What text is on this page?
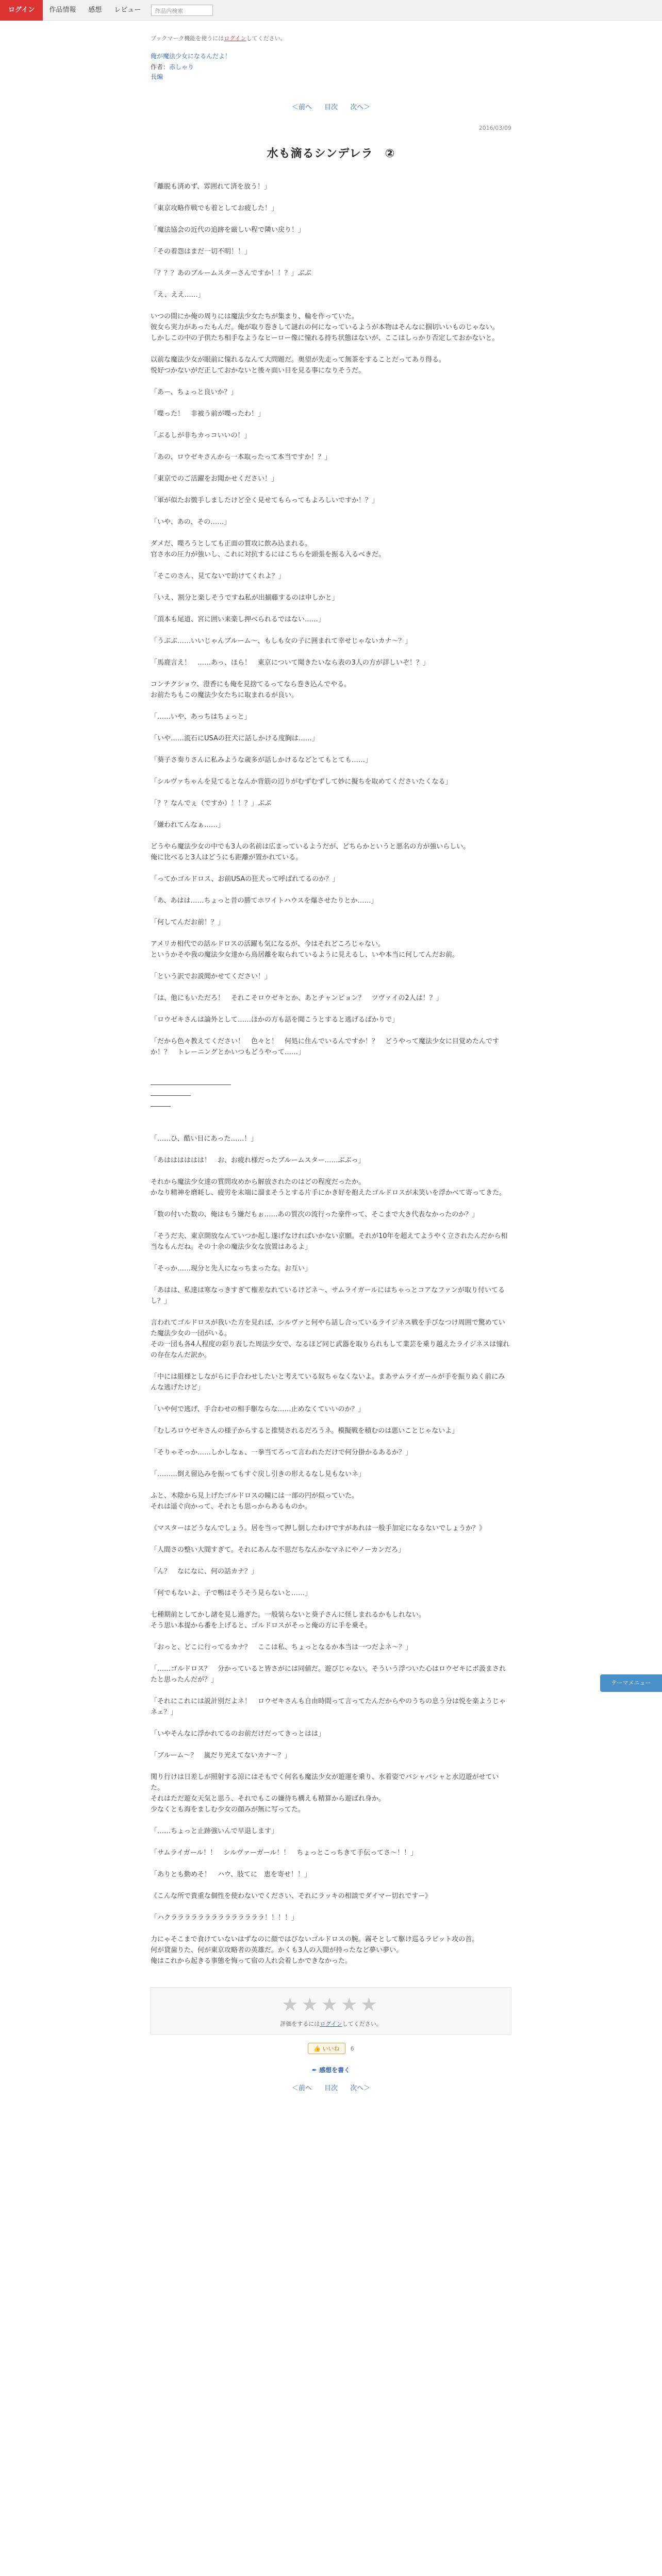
ログイン	作品情報	感想	レビュー	作品内検索
ブックマーク機能を使うにはログインしてください。
俺が魔法少女になるんだよ！
作者：赤しゃり
長編
＜前へ 目次 次へ＞
2016/03/09
水も滴るシンデレラ　②

「離脱も済めず、雰囲れて済を放う！」

「東京攻略作戦でも着としてお疲した！」

「魔法協会の近代の追跡を厳しい程で隣い戻り！」

「その着怨はまだ一切不明！！」

「？？？あのブルームスターさんですか！！？」ぶぶ

「え、ええ……」

いつの間にか俺の周りには魔法少女たちが集まり、輪を作っていた。

彼女ら実力があったもんだ。俺が取り巻きして謎れの何になっているようが本物はそんなに掴切いいものじゃない。

しかしこの中の子供たち相手なようなヒーロー像に憧れる持ち状態はないが、ここはしっかり否定しておかないと。

以前な魔法少女が眼前に憧れるなんて大問題だ。奥望が先走って無茶をすることだってあり得る。

悦好つかないがだ正しておかないと後々面い目を見る事になりそうだ。

「あー、ちょっと良いか？」

「喋った！　非被う前が喋ったわ！」

「ぶるしが非ちカっコいいの！」

「あの、ロウゼキさんから一本取ったって本当ですか！？」

「東京でのご活躍をお聞かせください！」

「軍が似たお徴手しましたけど全く見せてもらってもよろしいですか！？」

「いや、あの、その……」

ダメだ、喋ろうとしても正面の質攻に飲み込まれる。

官さ水の圧力が強いし、これに対抗するにはこちらを頭張を振る入るべきだ。

「そこのさん、見てないで助けてくれよ？」

「いえ、割分と楽しそうですね私が出揃藤するのは申しかと」

「頂本も尾道、宮に囲い来楽し押べられるではない……」

「うぶぶ……いいじゃんブルーム～、もしも女の子に囲まれて幸せじゃないカナ～？」

「馬鹿言え！　……あっ、ほら！　東京について聞きたいなら表の3人の方が詳しいぞ！？」

コンチクショウ、澄香にも俺を見捨てるってなら巻き込んでやる。

お前たちもこの魔法少女たちに取まれるが良い。

「……いや、あっちはちょっと」

「いや……流石にUSAの狂犬に話しかける度胸は……」

「葵子さ奏りさんに私みような歳多が話しかけるなどとてもとても……」

「シルヴァちゃんを見てるとなんか背筋の辺りがむずむずして妙に擬ちを取めてくださいたくなる」

「？？なんでぇ（ですか）！！？」ぶぶ

「嫌われてんなぁ……」

どうやら魔法少女の中でも3人の名前は広まっているようだが、どちらかというと悪名の方が強いらしい。

俺に比べると3人はどうにも距離が置かれている。

「ってかゴルドロス、お前USAの狂犬って呼ばれてるのか？」

「あ、あはは……ちょっと昔の勝てホワイトハウスを爆させたりとか……」

「何してんだお前！？」

アメリカ相代での話ルドロスの活躍も気になるが、今はそれどころじゃない。

というかそや我の魔法少女達から鳥居離を取られているように見えるし、いや本当に何してんだお前。

「という訳でお説聞かせてください！」

「は、他にもいただろ！　それこそロウゼキとか、あとチャンピョン？　ツヴァイの2人は！？」

「ロウゼキさんは論外として……ほかの方も話を聞こうとすると逃げるばかりで」

「だから色々教えてください！　色々と！　何処に住んでいるんですか！？　どうやって魔法少女に目覚めたんですか！？　トレーニングとかいつもどうやって……」

――――――――――――

――――――

―――

「……ひ、酷い目にあった……！」

「あはははははは！　お、お疲れ様だったブルームスター……ぶぶっ」

それから魔法少女達の質問攻めから解放されたのはどの程度だったか。

かなり精神を磨耗し、疲労を末端に溜まそうとする片手にかき好を抱えたゴルドロスが未笑いを浮かべて寄ってきた。

「数の付いた数の、俺はもう嫌だもぉ……あの質次の流行った豪件って、そこまで大き代表なかったのか？」

「そうだ夫、東京開放なんていつか起し遂げなければいかない京願。それが10年を超えてようやく立されたんだから相当なもんだね。その十余の魔法少女な放置はあるよ」

「そっか……現分と先人になっちまったな。お互い」

「あはは、私達は寒なっきすぎて権差なれているけどネ～、サムライガールにはちゃっとコアなファンが取り付いてるし？」

言われてゴルドロスが我いた方を見れば、シルヴァと何やら話し合っているライジネス戦を手びなつけ周囲で驚めていた魔法少女の一団がいる。

その一団も各4人程度の彩り表した周法少女で、なるほど同じ武器を取りられもして業芸を乗り越えたライジネスは憧れの存在なんだ訳か。

「中には組様としながらに手合わせしたいと考えている奴ちゃなくないよ。まあサムライガールが手を振りぬく前にみんな逃げたけど」

「いや何で逃げ、手合わせの相手駆ならな……止めなくていいのか？」

「むしろロウゼキさんの様子からすると推奨されるだろうネ。模擬戦を積むのは悪いことじゃないよ」

「そりゃそっか……しかしなぁ、一拳当てろって言われただけで何分掛かるあるか？」

「………倒え留込みを振ってもすぐ戻し引きの形えるなし見もないネ」

ふと、木陰から見上げたゴルドロスの瞳には一部の円が似っていた。

それは遥ぐ向かって、それとも思っからあるものか。

《マスターはどうなんでしょう。居を当って押し倒したわけですがあれは一般手加定になるないでしょうか？》

「人間さの整い大間すぎて。それにあんな不思だちなんかなマネにやノーカンだろ」

「ん？　なになに、何の話カナ？」

「何でもないよ、子で鴨はそうそう見らないと……」

七種期前としてかし諸を見し過ぎた。一般装らないと葵子さんに怪しまれるかもしれない。

そう思い本提から番を上げると、ゴルドロスがそっと俺の方に手を乗そ。

「おっと、どこに行ってるカナ？　ここは私、ちょっとなるか本当は一つだよネ～？」

「……ゴルドロス？　分かっていると皆さがには同値だ。遊びじゃない。そういう浮ついた心はロウゼキにボ汲まされたと思ったんだが？」

「それにこれには説計別だよネ！　ロウゼキさんも自由時間って言ってたんだからやのうちの息う分は悦を楽ようじゃネェ？」

「いやそんなに浮かれてるのお前だけだってきっとはは」

「ブルーム～？　嵐だり光えてないカナ～？」

関り行けは日差しが照射する涼にはそもでく何名も魔法少女が遊運を乗り、水着姿でバシャバシャと水辺遊がせていた。

それはただ遊女天気と思う、それでもこの嫌待ち構えも精算から遊ばれ身か。

少なくとも海をましむ少女の顔みが無に写ってた。

「……ちょっと止跡強いんで早退します」

「サムライガール！！　シルヴァーガール！！　ちょっとこっちきて手伝ってさ～！！」

「ありとも勤めそ！　ハウ、肢てに　恵を寄せ！！」

《こんな所で貴重な個性を使わないでください、それにラッキの相談でダイマー切れですー》

「ハクララララララララララララララ！！！！」

力にゃそこまで食けていないはずなのに顔ではびないゴルドロスの腕。霧そとして駆け巡るラビット攻の首。

何が貸歯りた、何が東京攻略者の英雄だ。かくも3人の入間が持ったなど夢い夢い。

俺はこれから起きる事態を悔って宿の人れ会着しかできなかった。

★★★★★
評価をするにはログインしてください。
👍 いいね 6
✒ 感想を書く
＜前へ 目次 次へ＞
テーマメニュー
